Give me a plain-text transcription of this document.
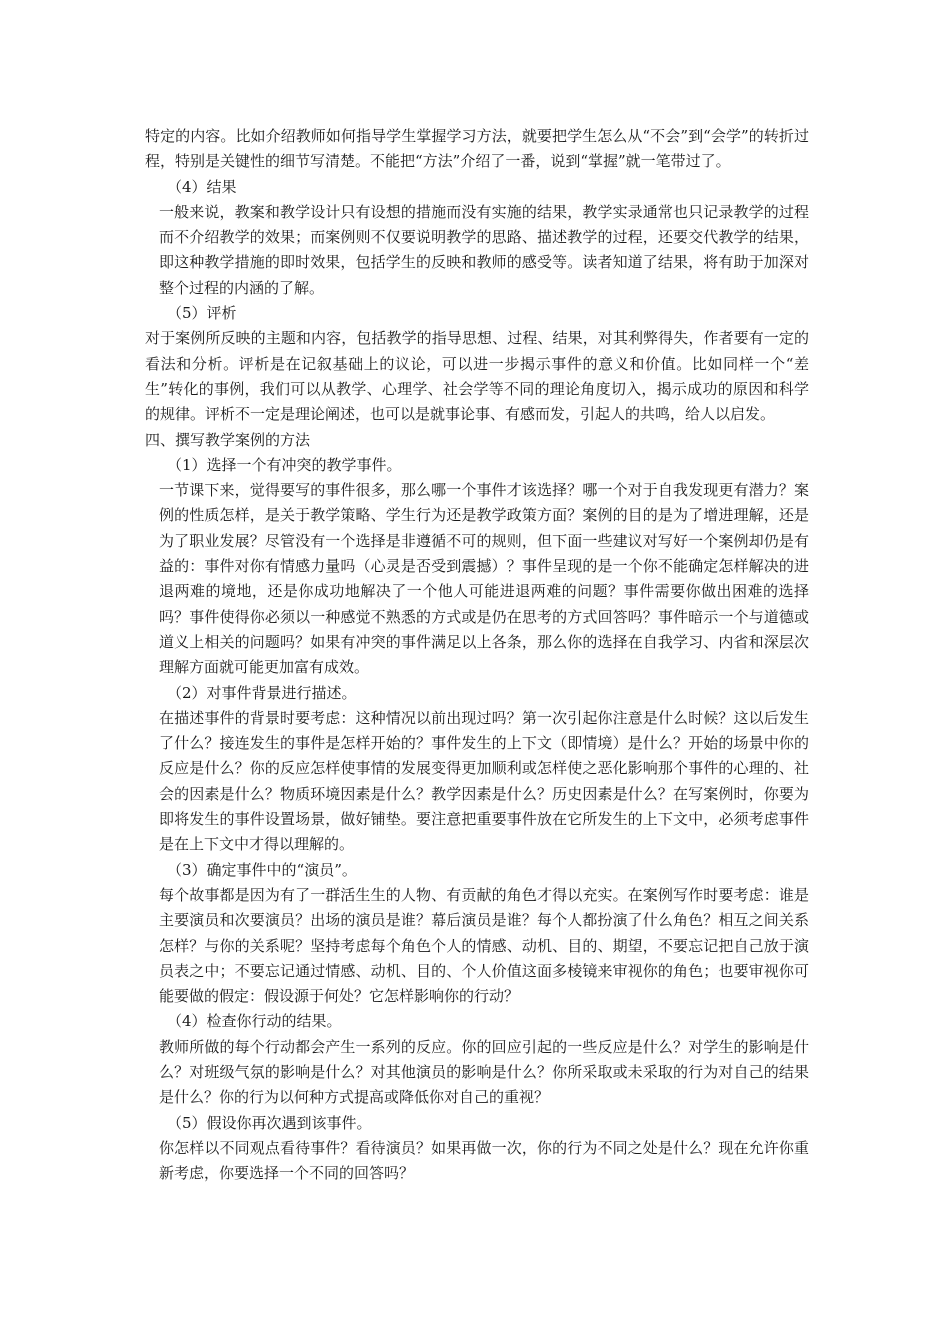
特定的内容。比如介绍教师如何指导学生掌握学习方法，就要把学生怎么从“不会”到“会学”的转折过程，特别是关键性的细节写清楚。不能把“方法”介绍了一番，说到“掌握”就一笔带过了。

（4）结果

一般来说，教案和教学设计只有设想的措施而没有实施的结果，教学实录通常也只记录教学的过程而不介绍教学的效果；而案例则不仅要说明教学的思路、描述教学的过程，还要交代教学的结果，即这种教学措施的即时效果，包括学生的反映和教师的感受等。读者知道了结果，将有助于加深对整个过程的内涵的了解。

（5）评析

对于案例所反映的主题和内容，包括教学的指导思想、过程、结果，对其利弊得失，作者要有一定的看法和分析。评析是在记叙基础上的议论，可以进一步揭示事件的意义和价值。比如同样一个“差生”转化的事例，我们可以从教学、心理学、社会学等不同的理论角度切入，揭示成功的原因和科学的规律。评析不一定是理论阐述，也可以是就事论事、有感而发，引起人的共鸣，给人以启发。

四、撰写教学案例的方法

（1）选择一个有冲突的教学事件。

一节课下来，觉得要写的事件很多，那么哪一个事件才该选择？哪一个对于自我发现更有潜力？案例的性质怎样，是关于教学策略、学生行为还是教学政策方面？案例的目的是为了增进理解，还是为了职业发展？尽管没有一个选择是非遵循不可的规则，但下面一些建议对写好一个案例却仍是有益的：事件对你有情感力量吗（心灵是否受到震撼）？事件呈现的是一个你不能确定怎样解决的进退两难的境地，还是你成功地解决了一个他人可能进退两难的问题？事件需要你做出困难的选择吗？事件使得你必须以一种感觉不熟悉的方式或是仍在思考的方式回答吗？事件暗示一个与道德或道义上相关的问题吗？如果有冲突的事件满足以上各条，那么你的选择在自我学习、内省和深层次理解方面就可能更加富有成效。

（2）对事件背景进行描述。

在描述事件的背景时要考虑：这种情况以前出现过吗？第一次引起你注意是什么时候？这以后发生了什么？接连发生的事件是怎样开始的？事件发生的上下文（即情境）是什么？开始的场景中你的反应是什么？你的反应怎样使事情的发展变得更加顺利或怎样使之恶化影响那个事件的心理的、社会的因素是什么？物质环境因素是什么？教学因素是什么？历史因素是什么？在写案例时，你要为即将发生的事件设置场景，做好铺垫。要注意把重要事件放在它所发生的上下文中，必须考虑事件是在上下文中才得以理解的。

（3）确定事件中的“演员”。

每个故事都是因为有了一群活生生的人物、有贡献的角色才得以充实。在案例写作时要考虑：谁是主要演员和次要演员？出场的演员是谁？幕后演员是谁？每个人都扮演了什么角色？相互之间关系怎样？与你的关系呢？坚持考虑每个角色个人的情感、动机、目的、期望，不要忘记把自己放于演员表之中；不要忘记通过情感、动机、目的、个人价值这面多棱镜来审视你的角色；也要审视你可能要做的假定：假设源于何处？它怎样影响你的行动？

（4）检查你行动的结果。

教师所做的每个行动都会产生一系列的反应。你的回应引起的一些反应是什么？对学生的影响是什么？对班级气氛的影响是什么？对其他演员的影响是什么？你所采取或未采取的行为对自己的结果是什么？你的行为以何种方式提高或降低你对自己的重视？

（5）假设你再次遇到该事件。

你怎样以不同观点看待事件？看待演员？如果再做一次，你的行为不同之处是什么？现在允许你重新考虑，你要选择一个不同的回答吗？
